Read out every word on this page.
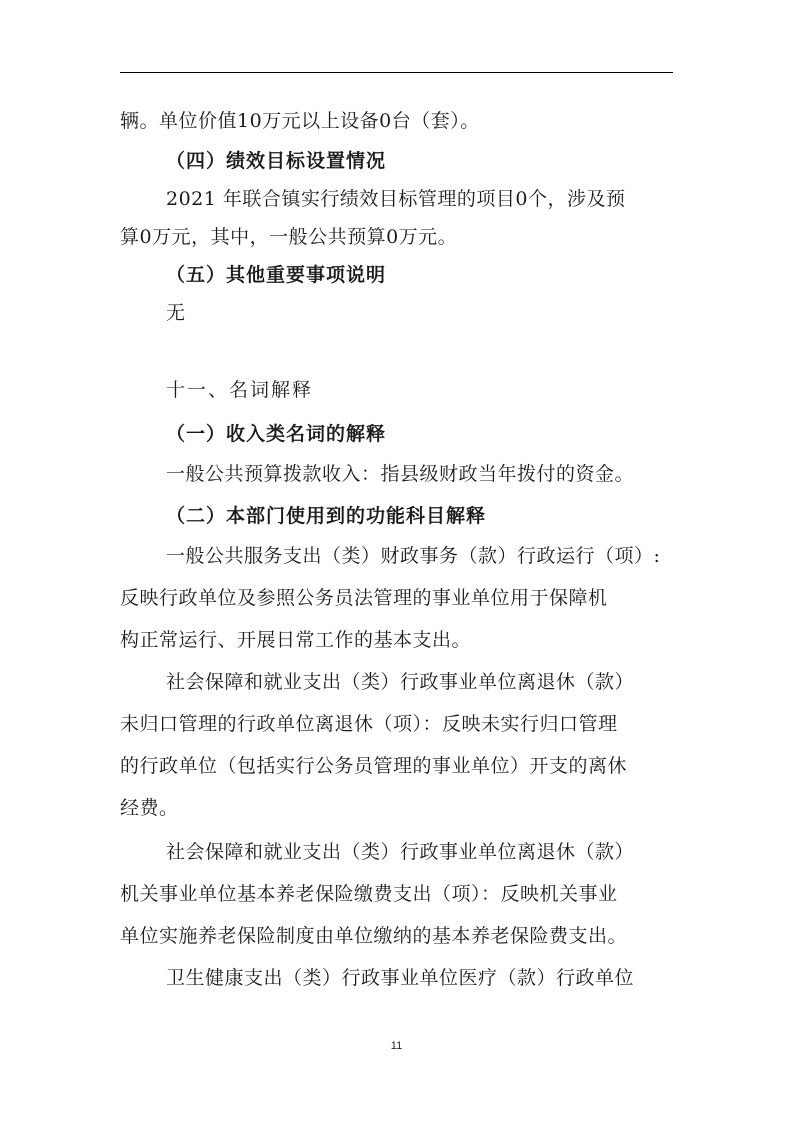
辆。单位价值10万元以上设备0台（套）。
（四）绩效目标设置情况
2021 年联合镇实行绩效目标管理的项目0个，涉及预
算0万元，其中，一般公共预算0万元。
（五）其他重要事项说明
无
十一、名词解释
（一）收入类名词的解释
一般公共预算拨款收入：指县级财政当年拨付的资金。
（二）本部门使用到的功能科目解释
一般公共服务支出（类）财政事务（款）行政运行（项）:
反映行政单位及参照公务员法管理的事业单位用于保障机
构正常运行、开展日常工作的基本支出。
社会保障和就业支出（类）行政事业单位离退休（款）
未归口管理的行政单位离退休（项）：反映未实行归口管理
的行政单位（包括实行公务员管理的事业单位）开支的离休
经费。
社会保障和就业支出（类）行政事业单位离退休（款）
机关事业单位基本养老保险缴费支出（项）：反映机关事业
单位实施养老保险制度由单位缴纳的基本养老保险费支出。
卫生健康支出（类）行政事业单位医疗（款）行政单位
11
